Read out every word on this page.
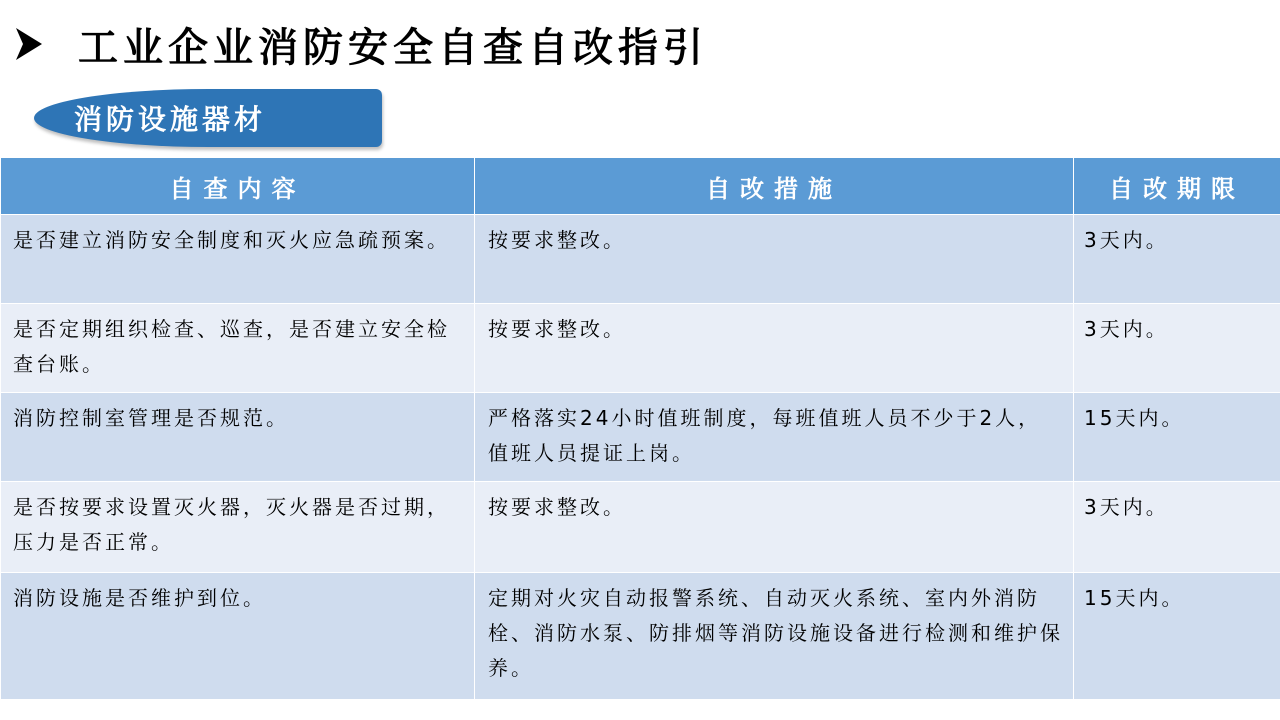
工业企业消防安全自查自改指引
消防设施器材
自查内容	自改措施	自改期限
是否建立消防安全制度和灭火应急疏预案。	按要求整改。	3天内。
是否定期组织检查、巡查，是否建立安全检查台账。	按要求整改。	3天内。
消防控制室管理是否规范。	严格落实24小时值班制度，每班值班人员不少于2人，值班人员提证上岗。	15天内。
是否按要求设置灭火器，灭火器是否过期，压力是否正常。	按要求整改。	3天内。
消防设施是否维护到位。	定期对火灾自动报警系统、自动灭火系统、室内外消防栓、消防水泵、防排烟等消防设施设备进行检测和维护保养。	15天内。
